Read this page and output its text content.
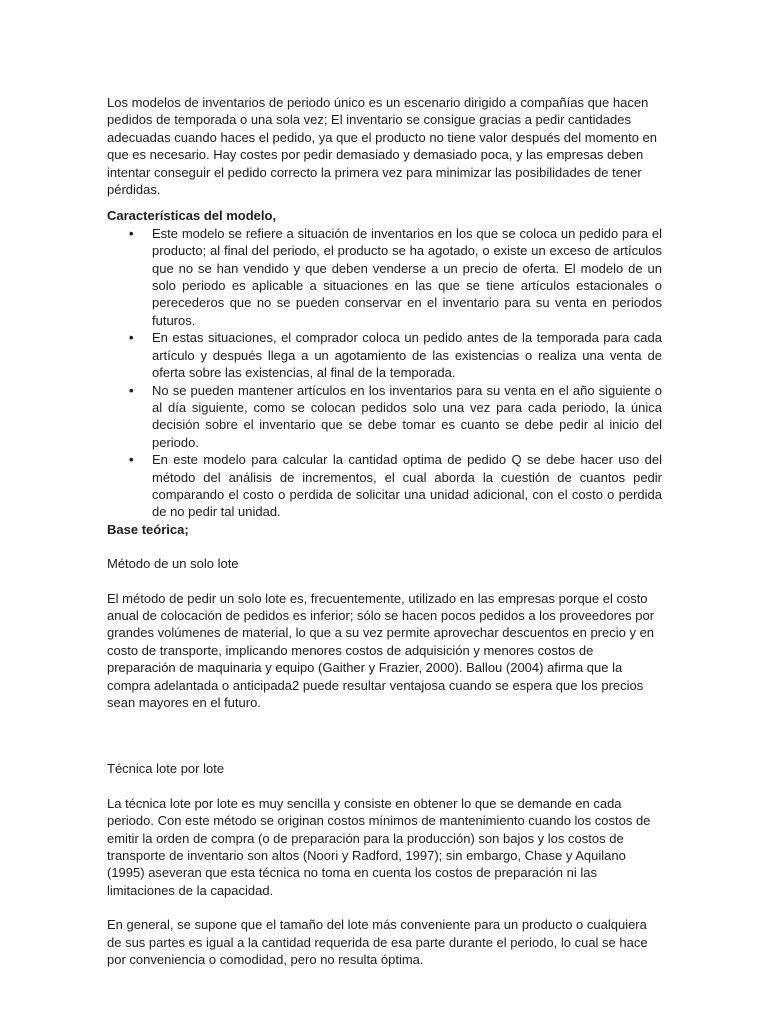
Los modelos de inventarios de periodo único es un escenario dirigido a compañías que hacen pedidos de temporada o una sola vez; El inventario se consigue gracias a pedir cantidades adecuadas cuando haces el pedido, ya que el producto no tiene valor después del momento en que es necesario. Hay costes por pedir demasiado y demasiado poca, y las empresas deben intentar conseguir el pedido correcto la primera vez para minimizar las posibilidades de tener pérdidas.

Características del modelo,

• Este modelo se refiere a situación de inventarios en los que se coloca un pedido para el producto; al final del periodo, el producto se ha agotado, o existe un exceso de artículos que no se han vendido y que deben venderse a un precio de oferta. El modelo de un solo periodo es aplicable a situaciones en las que se tiene artículos estacionales o perecederos que no se pueden conservar en el inventario para su venta en periodos futuros.
• En estas situaciones, el comprador coloca un pedido antes de la temporada para cada artículo y después llega a un agotamiento de las existencias o realiza una venta de oferta sobre las existencias, al final de la temporada.
• No se pueden mantener artículos en los inventarios para su venta en el año siguiente o al día siguiente, como se colocan pedidos solo una vez para cada periodo, la única decisión sobre el inventario que se debe tomar es cuanto se debe pedir al inicio del periodo.
• En este modelo para calcular la cantidad optima de pedido Q se debe hacer uso del método del análisis de incrementos, el cual aborda la cuestión de cuantos pedir comparando el costo o perdida de solicitar una unidad adicional, con el costo o perdida de no pedir tal unidad.

Base teórica;

Método de un solo lote

El método de pedir un solo lote es, frecuentemente, utilizado en las empresas porque el costo anual de colocación de pedidos es inferior; sólo se hacen pocos pedidos a los proveedores por grandes volúmenes de material, lo que a su vez permite aprovechar descuentos en precio y en costo de transporte, implicando menores costos de adquisición y menores costos de preparación de maquinaria y equipo (Gaither y Frazier, 2000). Ballou (2004) afirma que la compra adelantada o anticipada2 puede resultar ventajosa cuando se espera que los precios sean mayores en el futuro.

Técnica lote por lote

La técnica lote por lote es muy sencilla y consiste en obtener lo que se demande en cada periodo. Con este método se originan costos mínimos de mantenimiento cuando los costos de emitir la orden de compra (o de preparación para la producción) son bajos y los costos de transporte de inventario son altos (Noori y Radford, 1997); sin embargo, Chase y Aquilano (1995) aseveran que esta técnica no toma en cuenta los costos de preparación ni las limitaciones de la capacidad.

En general, se supone que el tamaño del lote más conveniente para un producto o cualquiera de sus partes es igual a la cantidad requerida de esa parte durante el periodo, lo cual se hace por conveniencia o comodidad, pero no resulta óptima.
